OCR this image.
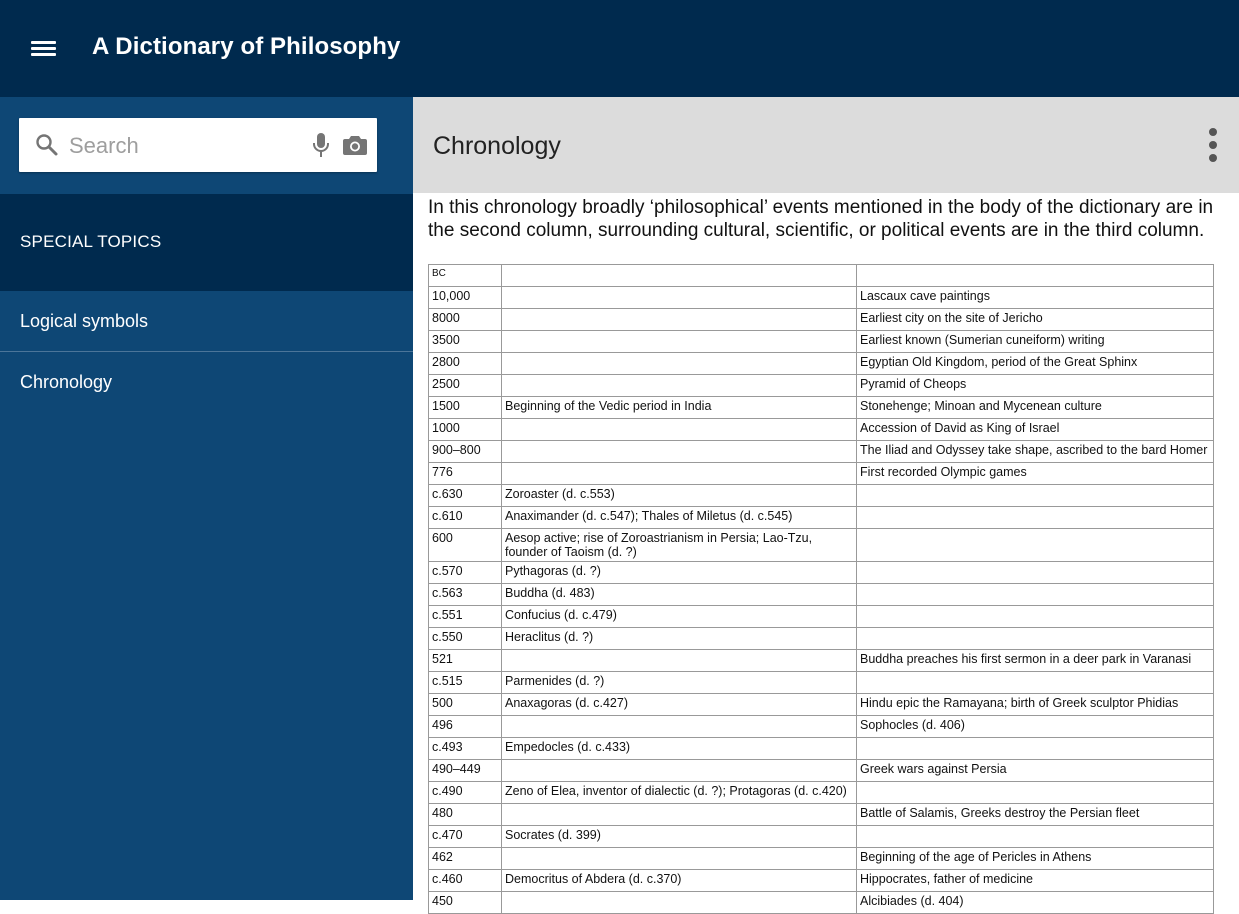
A Dictionary of Philosophy
Search
SPECIAL TOPICS
Logical symbols
Chronology
Chronology
In this chronology broadly ‘philosophical’ events mentioned in the body of the dictionary are in the second column, surrounding cultural, scientific, or political events are in the third column.
BC		
10,000		Lascaux cave paintings
8000		Earliest city on the site of Jericho
3500		Earliest known (Sumerian cuneiform) writing
2800		Egyptian Old Kingdom, period of the Great Sphinx
2500		Pyramid of Cheops
1500	Beginning of the Vedic period in India	Stonehenge; Minoan and Mycenean culture
1000		Accession of David as King of Israel
900–800		The Iliad and Odyssey take shape, ascribed to the bard Homer
776		First recorded Olympic games
c.630	Zoroaster (d. c.553)	
c.610	Anaximander (d. c.547); Thales of Miletus (d. c.545)	
600	Aesop active; rise of Zoroastrianism in Persia; Lao-Tzu, founder of Taoism (d. ?)	
c.570	Pythagoras (d. ?)	
c.563	Buddha (d. 483)	
c.551	Confucius (d. c.479)	
c.550	Heraclitus (d. ?)	
521		Buddha preaches his first sermon in a deer park in Varanasi
c.515	Parmenides (d. ?)	
500	Anaxagoras (d. c.427)	Hindu epic the Ramayana; birth of Greek sculptor Phidias
496		Sophocles (d. 406)
c.493	Empedocles (d. c.433)	
490–449		Greek wars against Persia
c.490	Zeno of Elea, inventor of dialectic (d. ?); Protagoras (d. c.420)	
480		Battle of Salamis, Greeks destroy the Persian fleet
c.470	Socrates (d. 399)	
462		Beginning of the age of Pericles in Athens
c.460	Democritus of Abdera (d. c.370)	Hippocrates, father of medicine
450		Alcibiades (d. 404)
